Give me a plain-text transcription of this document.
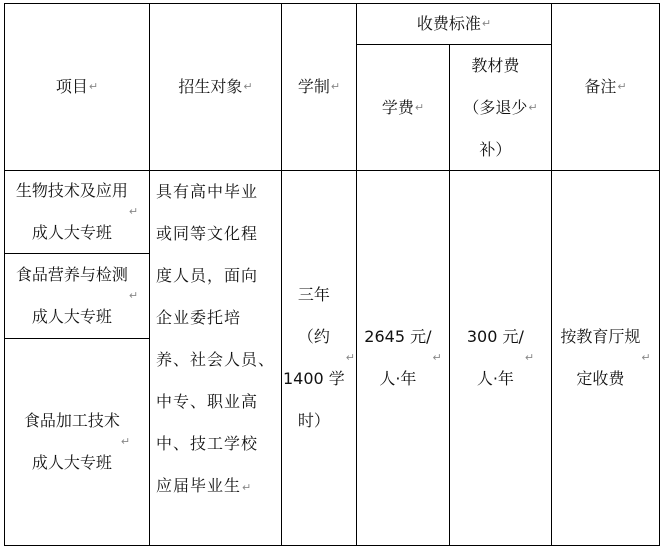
项目 ↵	招生对象 ↵	学制 ↵
收费标准 ↵
学费 ↵
教材费
（多退少
补）
↵
备注 ↵
生物技术及应用
成人大专班
↵
食品营养与检测
成人大专班
↵
食品加工技术
成人大专班
↵
具有高中毕业
或同等文化程
度人员，面向
企业委托培
养、社会人员、
中专、职业高
中、技工学校
应届毕业生↵
三年
（约
1400 学
时）
↵
2645 元/
人·年
↵
300 元/
人·年
↵
按教育厅规
定收费
↵
